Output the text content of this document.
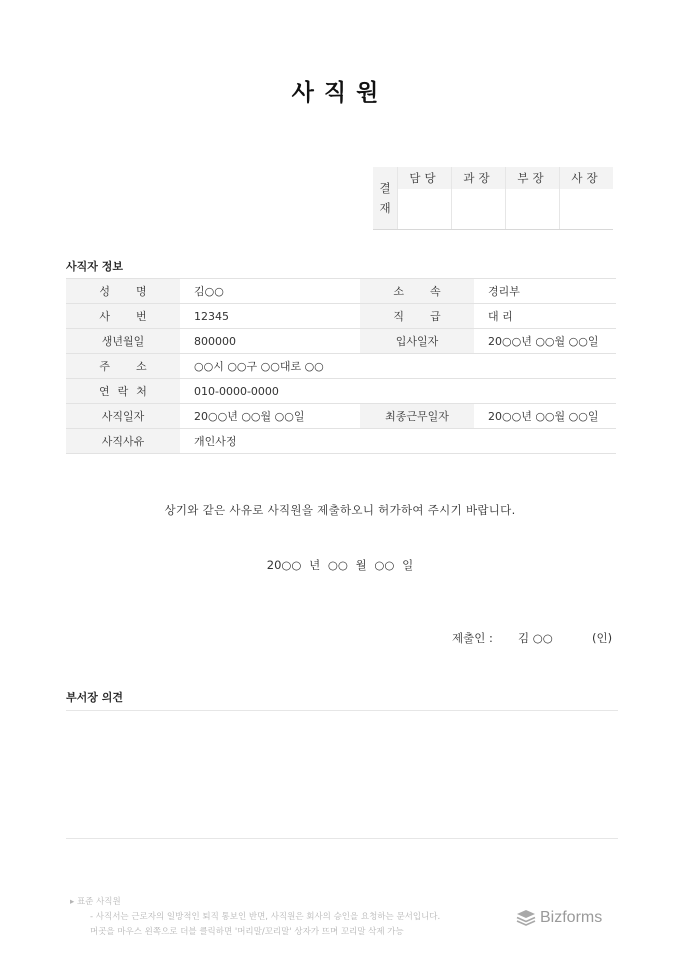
사직원
결
재	담당	과장	부장	사장

사직자 정보
성명	김○○	소속	경리부
사번	12345	직급	대 리
생년월일	800000	입사일자	20○○년 ○○월 ○○일
주소	○○시 ○○구 ○○대로 ○○		
연락처	010-0000-0000		
사직일자	20○○년 ○○월 ○○일	최종근무일자	20○○년 ○○월 ○○일
사직사유	개인사정		
상기와 같은 사유로 사직원을 제출하오니 허가하여 주시기 바랍니다.
20○○ 년 ○○ 월 ○○ 일
제출인 : 김 ○○	(인)
부서장 의견
▸ 표준 사직원
- 사직서는 근로자의 일방적인 퇴직 통보인 반면, 사직원은 회사의 승인을 요청하는 문서입니다.
머곳을 마우스 왼쪽으로 더블 클릭하면 '머리말/꼬리말' 상자가 뜨며 꼬리말 삭제 가능
Bizforms
